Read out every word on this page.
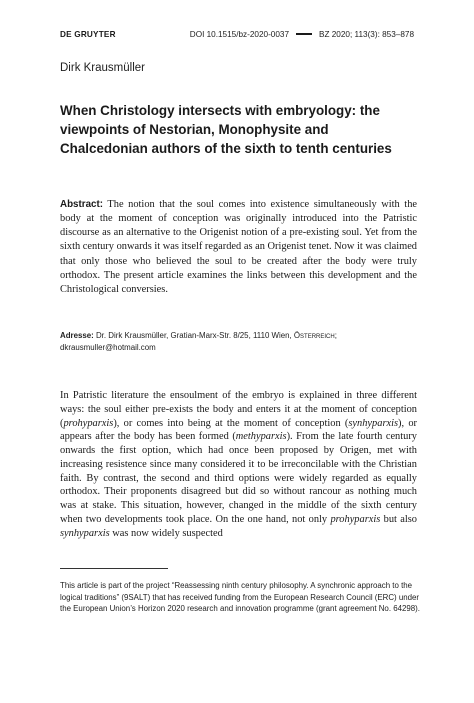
DE GRUYTER	DOI 10.1515/bz-2020-0037	BZ 2020; 113(3): 853–878
Dirk Krausmüller
When Christology intersects with embryology: the viewpoints of Nestorian, Monophysite and Chalcedonian authors of the sixth to tenth centuries

Abstract: The notion that the soul comes into existence simultaneously with the body at the moment of conception was originally introduced into the Patristic discourse as an alternative to the Origenist notion of a pre-existing soul. Yet from the sixth century onwards it was itself regarded as an Origenist tenet. Now it was claimed that only those who believed the soul to be created after the body were truly orthodox. The present article examines the links between this development and the Christological conversies.

Adresse: Dr. Dirk Krausmüller, Gratian-Marx-Str. 8/25, 1110 Wien, Österreich;
dkrausmuller@hotmail.com

In Patristic literature the ensoulment of the embryo is explained in three different ways: the soul either pre-exists the body and enters it at the moment of conception (prohyparxis), or comes into being at the moment of conception (synhyparxis), or appears after the body has been formed (methyparxis). From the late fourth century onwards the first option, which had once been proposed by Origen, met with increasing resistence since many considered it to be irreconcilable with the Christian faith. By contrast, the second and third options were widely regarded as equally orthodox. Their proponents disagreed but did so without rancour as nothing much was at stake. This situation, however, changed in the middle of the sixth century when two developments took place. On the one hand, not only prohyparxis but also synhyparxis was now widely suspected

This article is part of the project “Reassessing ninth century philosophy. A synchronic approach to the logical traditions” (9SALT) that has received funding from the European Research Council (ERC) under the European Union’s Horizon 2020 research and innovation programme (grant agreement No. 64298).
